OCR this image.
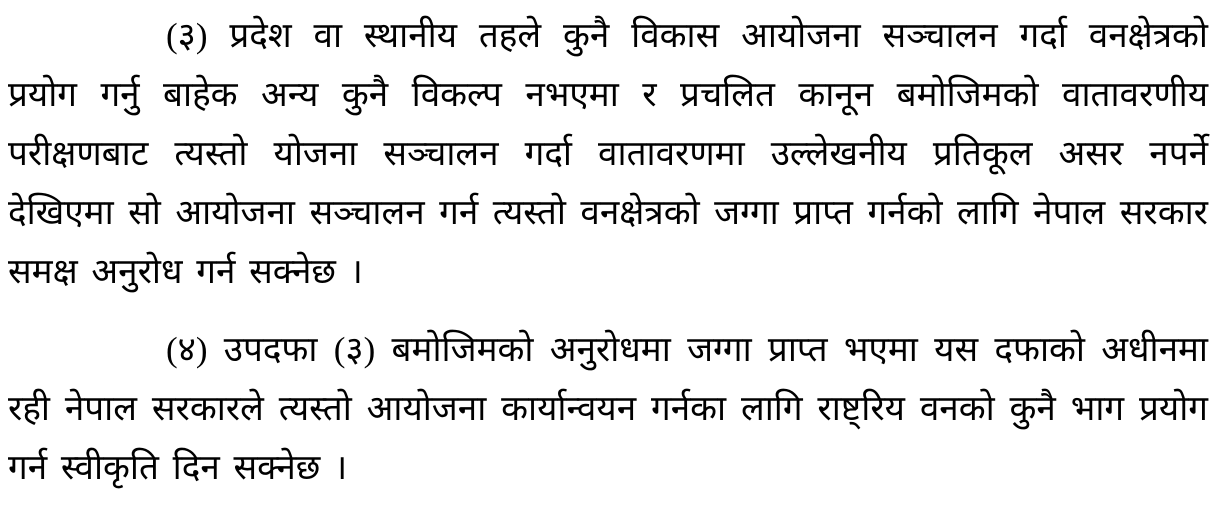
(३) प्रदेश वा स्थानीय तहले कुनै विकास आयोजना सञ्चालन गर्दा वनक्षेत्रको प्रयोग गर्नु बाहेक अन्य कुनै विकल्प नभएमा र प्रचलित कानून बमोजिमको वातावरणीय परीक्षणबाट त्यस्तो योजना सञ्चालन गर्दा वातावरणमा उल्लेखनीय प्रतिकूल असर नपर्ने देखिएमा सो आयोजना सञ्चालन गर्न त्यस्तो वनक्षेत्रको जग्गा प्राप्त गर्नको लागि नेपाल सरकार समक्ष अनुरोध गर्न सक्नेछ ।

(४) उपदफा (३) बमोजिमको अनुरोधमा जग्गा प्राप्त भएमा यस दफाको अधीनमा रही नेपाल सरकारले त्यस्तो आयोजना कार्यान्वयन गर्नका लागि राष्ट्रिय वनको कुनै भाग प्रयोग गर्न स्वीकृति दिन सक्नेछ ।
